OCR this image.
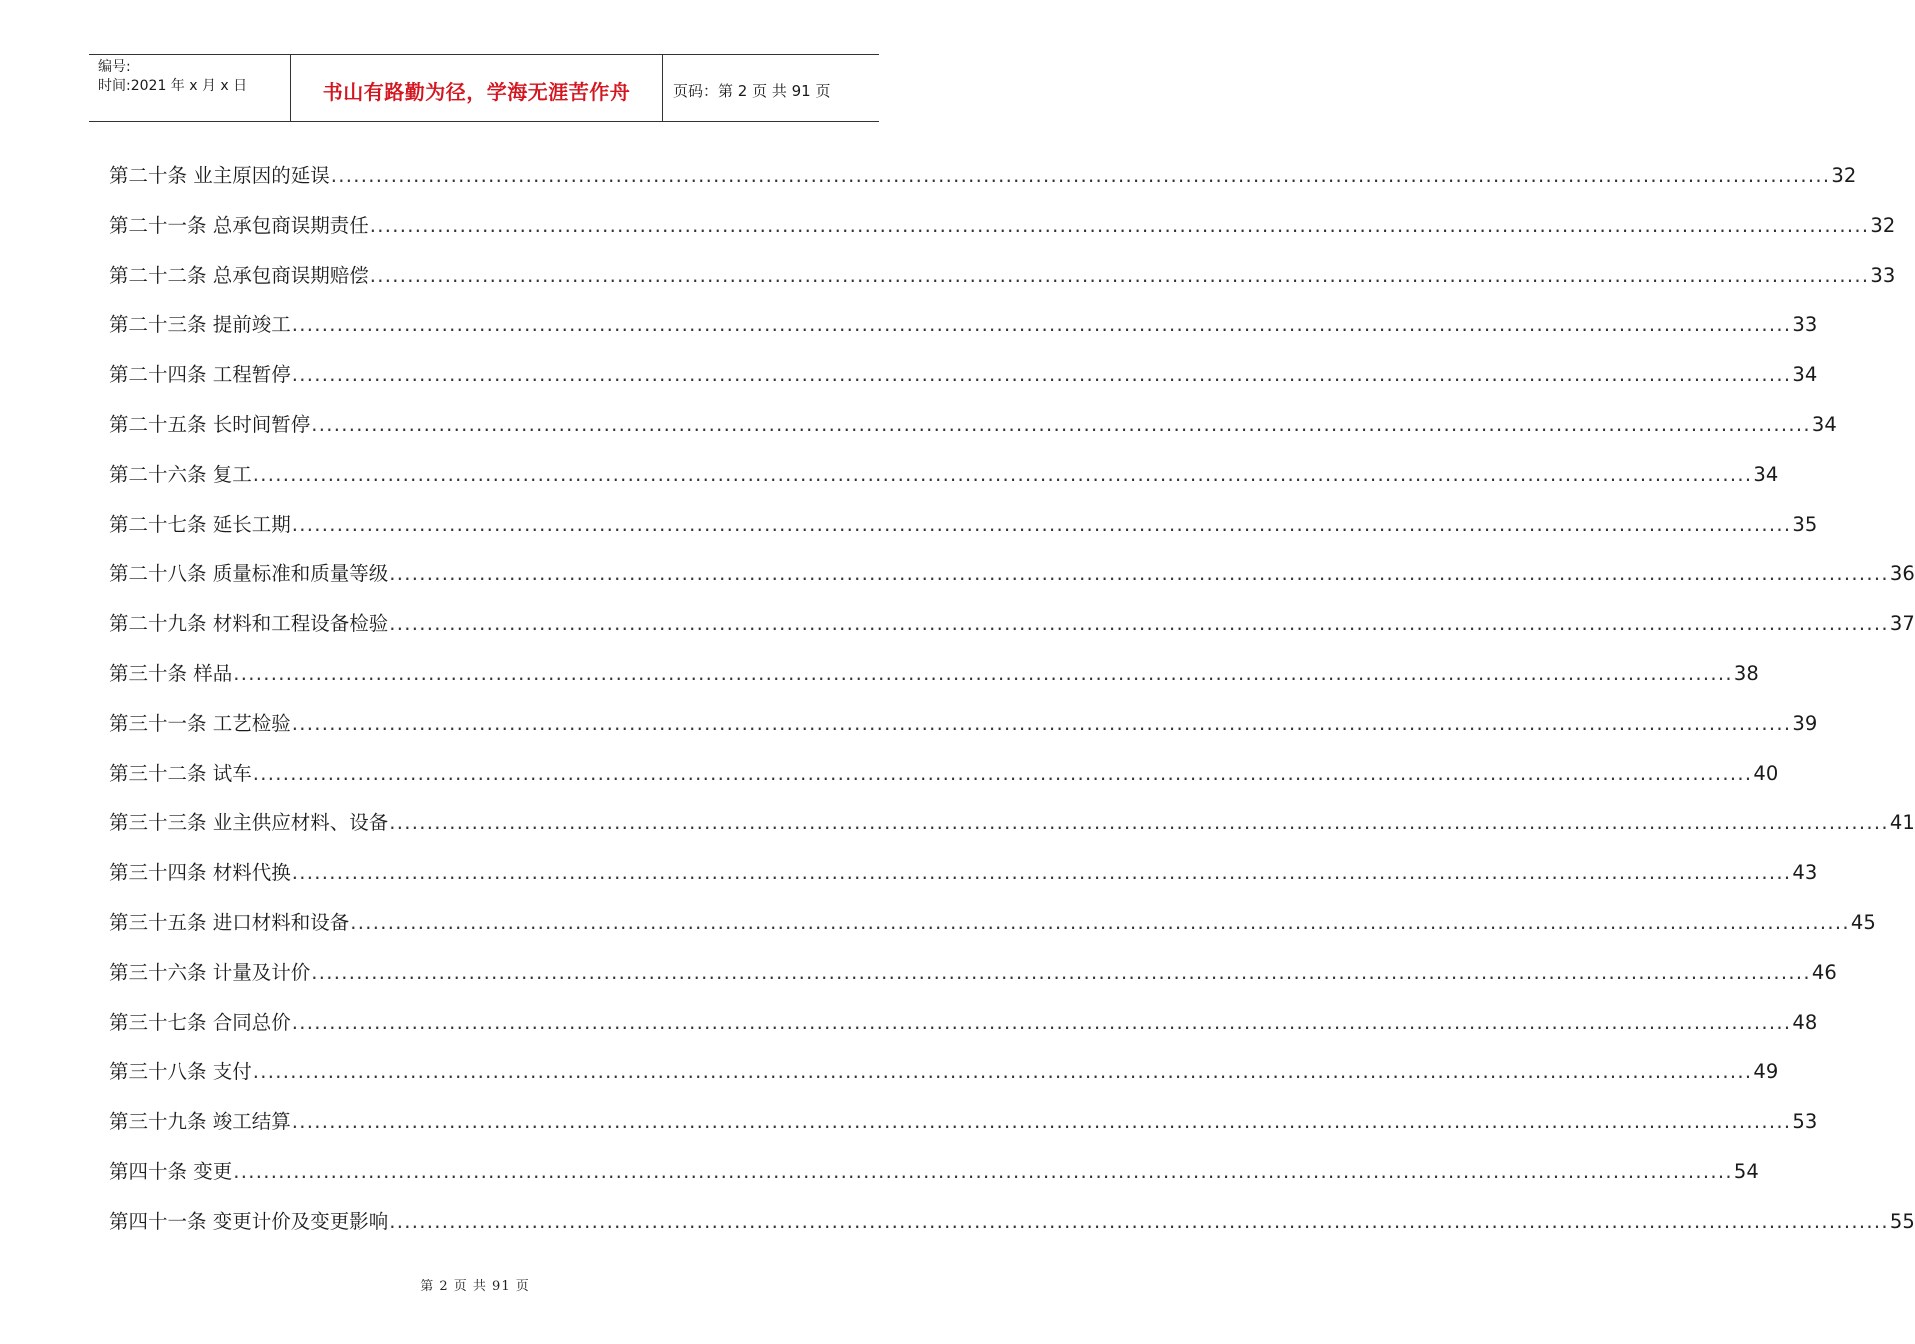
编号:
时间:2021 年 x 月 x 日	书山有路勤为径，学海无涯苦作舟	页码：第 2 页 共 91 页
第二十条 业主原因的延误 ........................................................................................................................................................................................................ 32
第二十一条 总承包商误期责任 ........................................................................................................................................................................................................ 32
第二十二条 总承包商误期赔偿 ........................................................................................................................................................................................................ 33
第二十三条 提前竣工 ........................................................................................................................................................................................................ 33
第二十四条 工程暂停 ........................................................................................................................................................................................................ 34
第二十五条 长时间暂停 ........................................................................................................................................................................................................ 34
第二十六条 复工 ........................................................................................................................................................................................................ 34
第二十七条 延长工期 ........................................................................................................................................................................................................ 35
第二十八条 质量标准和质量等级 ........................................................................................................................................................................................................ 36
第二十九条 材料和工程设备检验 ........................................................................................................................................................................................................ 37
第三十条 样品 ........................................................................................................................................................................................................ 38
第三十一条 工艺检验 ........................................................................................................................................................................................................ 39
第三十二条 试车 ........................................................................................................................................................................................................ 40
第三十三条 业主供应材料、设备 ........................................................................................................................................................................................................ 41
第三十四条 材料代换 ........................................................................................................................................................................................................ 43
第三十五条 进口材料和设备 ........................................................................................................................................................................................................ 45
第三十六条 计量及计价 ........................................................................................................................................................................................................ 46
第三十七条 合同总价 ........................................................................................................................................................................................................ 48
第三十八条 支付 ........................................................................................................................................................................................................ 49
第三十九条 竣工结算 ........................................................................................................................................................................................................ 53
第四十条 变更 ........................................................................................................................................................................................................ 54
第四十一条 变更计价及变更影响 ........................................................................................................................................................................................................ 55
第 2 页 共 91 页
